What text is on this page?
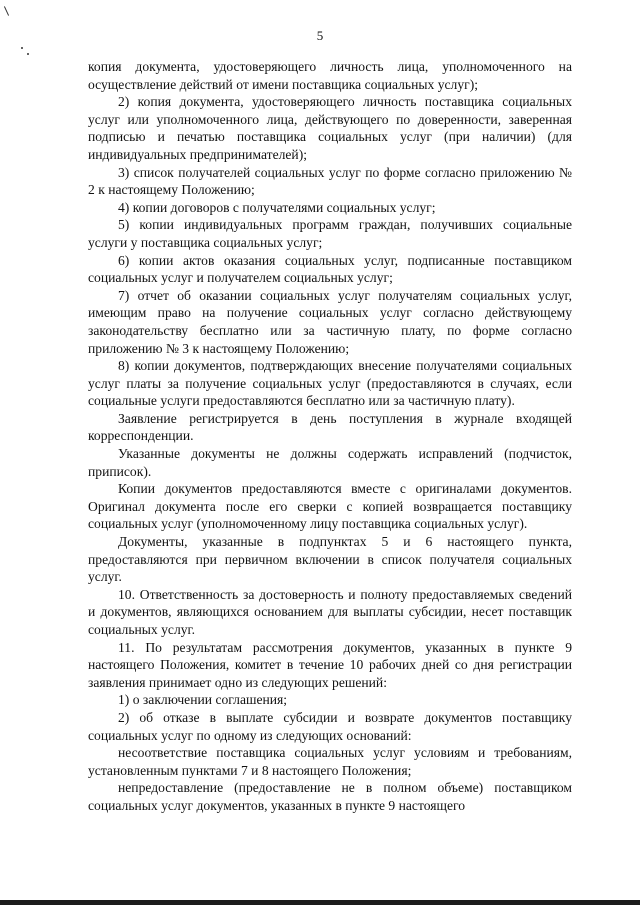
5

копия документа, удостоверяющего личность лица, уполномоченного на осуществление действий от имени поставщика социальных услуг);

2) копия документа, удостоверяющего личность поставщика социальных услуг или уполномоченного лица, действующего по доверенности, заверенная подписью и печатью поставщика социальных услуг (при наличии) (для индивидуальных предпринимателей);

3) список получателей социальных услуг по форме согласно приложению № 2 к настоящему Положению;

4) копии договоров с получателями социальных услуг;

5) копии индивидуальных программ граждан, получивших социальные услуги у поставщика социальных услуг;

6) копии актов оказания социальных услуг, подписанные поставщиком социальных услуг и получателем социальных услуг;

7) отчет об оказании социальных услуг получателям социальных услуг, имеющим право на получение социальных услуг согласно действующему законодательству бесплатно или за частичную плату, по форме согласно приложению № 3 к настоящему Положению;

8) копии документов, подтверждающих внесение получателями социальных услуг платы за получение социальных услуг (предоставляются в случаях, если социальные услуги предоставляются бесплатно или за частичную плату).

Заявление регистрируется в день поступления в журнале входящей корреспонденции.

Указанные документы не должны содержать исправлений (подчисток, приписок).

Копии документов предоставляются вместе с оригиналами документов. Оригинал документа после его сверки с копией возвращается поставщику социальных услуг (уполномоченному лицу поставщика социальных услуг).

Документы, указанные в подпунктах 5 и 6 настоящего пункта, предоставляются при первичном включении в список получателя социальных услуг.

10. Ответственность за достоверность и полноту предоставляемых сведений и документов, являющихся основанием для выплаты субсидии, несет поставщик социальных услуг.

11. По результатам рассмотрения документов, указанных в пункте 9 настоящего Положения, комитет в течение 10 рабочих дней со дня регистрации заявления принимает одно из следующих решений:

1) о заключении соглашения;

2) об отказе в выплате субсидии и возврате документов поставщику социальных услуг по одному из следующих оснований:

несоответствие поставщика социальных услуг условиям и требованиям, установленным пунктами 7 и 8 настоящего Положения;

непредоставление (предоставление не в полном объеме) поставщиком социальных услуг документов, указанных в пункте 9 настоящего
